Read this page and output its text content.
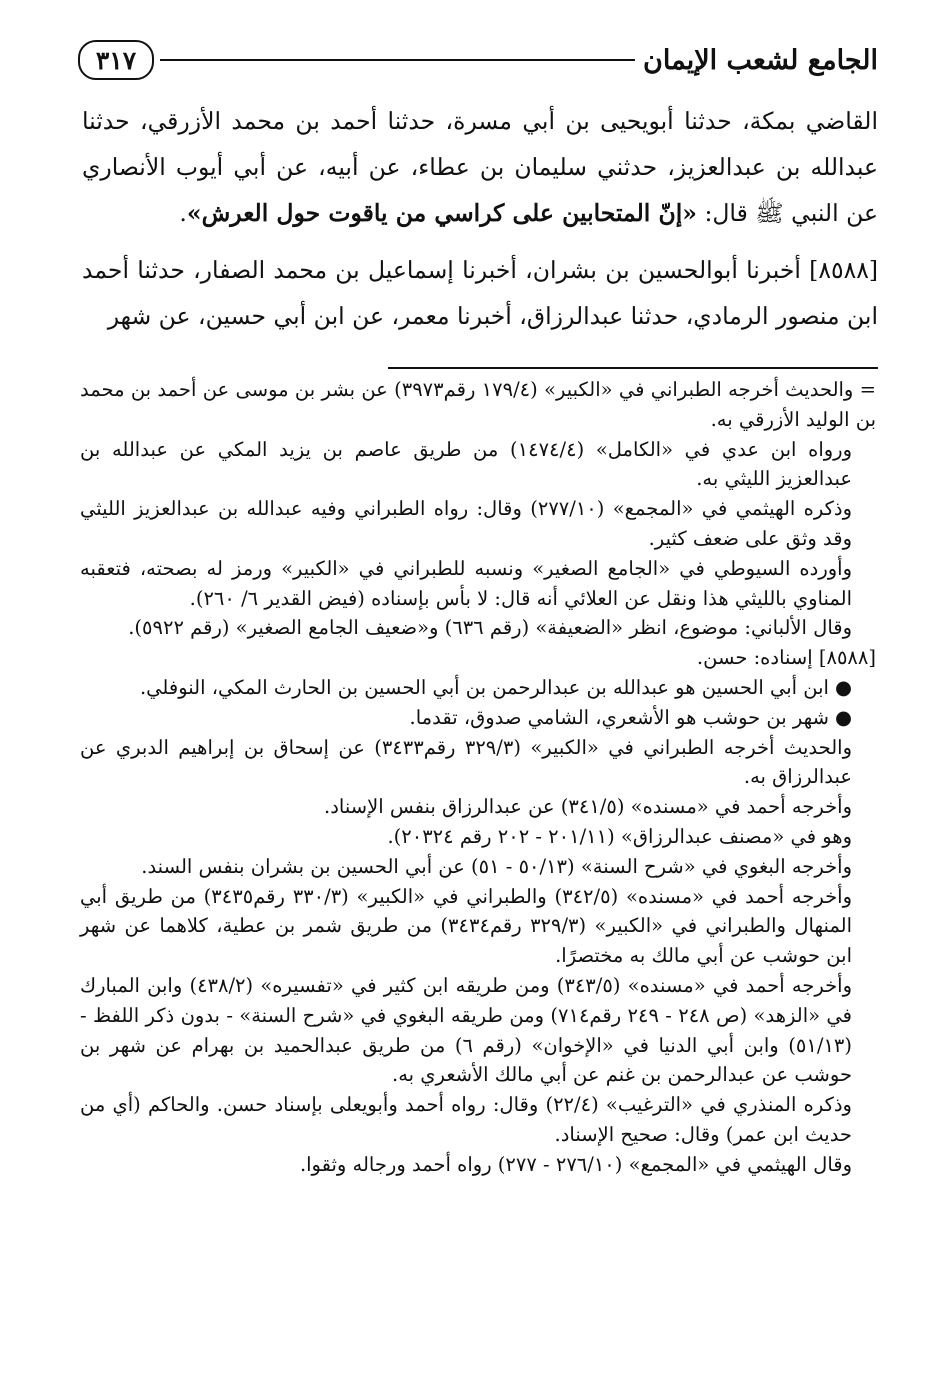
الجامع لشعب الإيمان
٣١٧

القاضي بمكة، حدثنا أبويحيى بن أبي مسرة، حدثنا أحمد بن محمد الأزرقي، حدثنا عبدالله بن عبدالعزيز، حدثني سليمان بن عطاء، عن أبيه، عن أبي أيوب الأنصاري عن النبي ﷺ قال: «إنّ المتحابين على كراسي من ياقوت حول العرش».

[٨٥٨٨] أخبرنا أبوالحسين بن بشران، أخبرنا إسماعيل بن محمد الصفار، حدثنا أحمد ابن منصور الرمادي، حدثنا عبدالرزاق، أخبرنا معمر، عن ابن أبي حسين، عن شهر

= والحديث أخرجه الطبراني في «الكبير» (١٧٩/٤ رقم٣٩٧٣) عن بشر بن موسى عن أحمد بن محمد بن الوليد الأزرقي به.

ورواه ابن عدي في «الكامل» (١٤٧٤/٤) من طريق عاصم بن يزيد المكي عن عبدالله بن عبدالعزيز الليثي به.

وذكره الهيثمي في «المجمع» (٢٧٧/١٠) وقال: رواه الطبراني وفيه عبدالله بن عبدالعزيز الليثي وقد وثق على ضعف كثير.

وأورده السيوطي في «الجامع الصغير» ونسبه للطبراني في «الكبير» ورمز له بصحته، فتعقبه المناوي بالليثي هذا ونقل عن العلائي أنه قال: لا بأس بإسناده (فيض القدير ٦/ ٢٦٠).

وقال الألباني: موضوع، انظر «الضعيفة» (رقم ٦٣٦) و«ضعيف الجامع الصغير» (رقم ٥٩٢٢).

[٨٥٨٨] إسناده: حسن.

●ابن أبي الحسين هو عبدالله بن عبدالرحمن بن أبي الحسين بن الحارث المكي، النوفلي.

●شهر بن حوشب هو الأشعري، الشامي صدوق، تقدما.

والحديث أخرجه الطبراني في «الكبير» (٣٢٩/٣ رقم٣٤٣٣) عن إسحاق بن إبراهيم الدبري عن عبدالرزاق به.

وأخرجه أحمد في «مسنده» (٣٤١/٥) عن عبدالرزاق بنفس الإسناد.

وهو في «مصنف عبدالرزاق» (٢٠١/١١ - ٢٠٢ رقم ٢٠٣٢٤).

وأخرجه البغوي في «شرح السنة» (٥٠/١٣ - ٥١) عن أبي الحسين بن بشران بنفس السند.

وأخرجه أحمد في «مسنده» (٣٤٢/٥) والطبراني في «الكبير» (٣٣٠/٣ رقم٣٤٣٥) من طريق أبي المنهال والطبراني في «الكبير» (٣٢٩/٣ رقم٣٤٣٤) من طريق شمر بن عطية، كلاهما عن شهر ابن حوشب عن أبي مالك به مختصرًا.

وأخرجه أحمد في «مسنده» (٣٤٣/٥) ومن طريقه ابن كثير في «تفسيره» (٤٣٨/٢) وابن المبارك في «الزهد» (ص ٢٤٨ - ٢٤٩ رقم٧١٤) ومن طريقه البغوي في «شرح السنة» - بدون ذكر اللفظ - (٥١/١٣) وابن أبي الدنيا في «الإخوان» (رقم ٦) من طريق عبدالحميد بن بهرام عن شهر بن حوشب عن عبدالرحمن بن غنم عن أبي مالك الأشعري به.

وذكره المنذري في «الترغيب» (٢٢/٤) وقال: رواه أحمد وأبويعلى بإسناد حسن. والحاكم (أي من حديث ابن عمر) وقال: صحيح الإسناد.

وقال الهيثمي في «المجمع» (٢٧٦/١٠ - ٢٧٧) رواه أحمد ورجاله وثقوا.
